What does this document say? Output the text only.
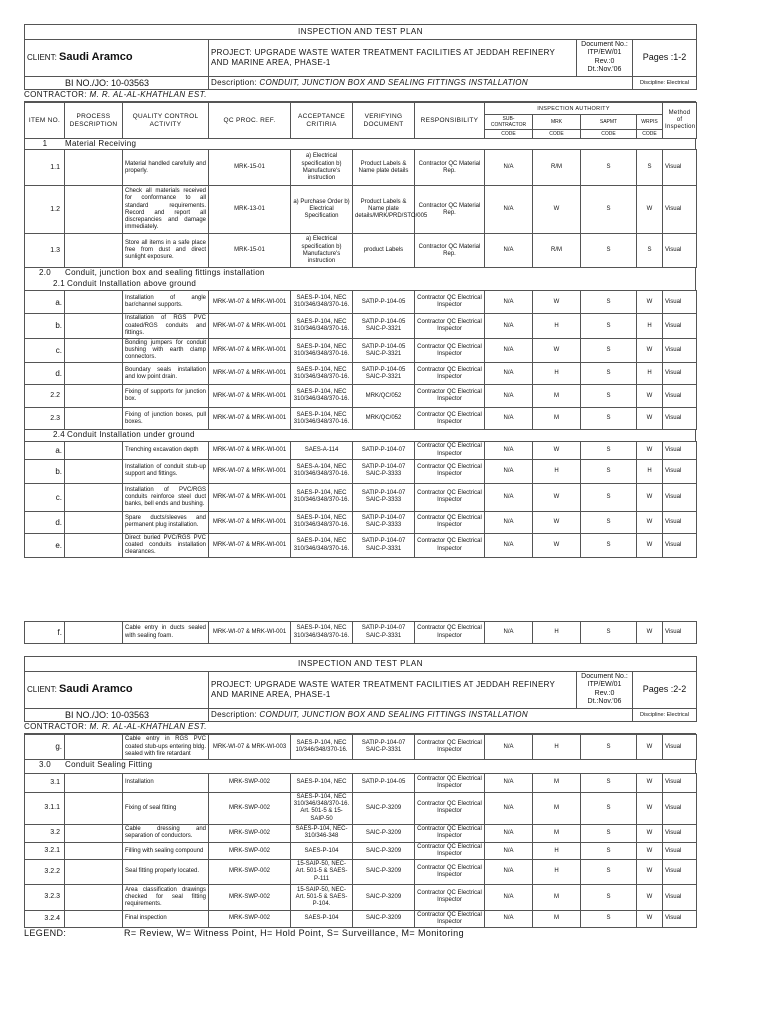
INSPECTION AND TEST PLAN			
CLIENT: Saudi Aramco	PROJECT: UPGRADE WASTE WATER TREATMENT FACILITIES AT JEDDAH REFINERY AND MARINE AREA, PHASE-1	Document No.:
ITP/EW/01 Rev.:0
Dt.:Nov.'06	Pages :1-2
BI NO./JO: 10-03563	Description: CONDUIT, JUNCTION BOX AND SEALING FITTINGS INSTALLATION		Discipline: Electrical
CONTRACTOR: M. R. AL-AL-KHATHLAN EST.
ITEM NO.	PROCESS DESCRIPTION	QUALITY CONTROL ACTIVITY	QC PROC. REF.	ACCEPTANCE CRITIRIA	VERIFYING DOCUMENT	RESPONSIBILITY	INSPECTION AUTHORITY				Method of Inspection
							SUB-CONTRACTOR	MRK	SAPMT	WRPIS	
							CODE	CODE	CODE	CODE	
1 Material Receiving
1.1		Material handled carefully and properly.	MRK-15-01	a) Electrical specification b) Manufacture's instruction	Product Labels & Name plate details	Contractor QC Material Rep.	N/A	R/M	S	S	Visual
1.2		Check all materials received for conformance to all standard requirements. Record and report all discrepancies and damage immediately.	MRK-13-01	a) Purchase Order b) Electrical Specification	Product Labels & Name plate details/MRK/PRD/STO/005	Contractor QC Material Rep.	N/A	W	S	W	Visual
1.3		Store all items in a safe place free from dust and direct sunlight exposure.	MRK-15-01	a) Electrical specification b) Manufacture's instruction	product Labels	Contractor QC Material Rep.	N/A	R/M	S	S	Visual
2.0 Conduit, junction box and sealing fittings installation
2.1 Conduit Installation above ground
a.		Installation of angle bar/channel supports.	MRK-WI-07 & MRK-WI-001	SAES-P-104, NEC 310/346/348/370-16.	SATIP-P-104-05	Contractor QC Electrical Inspector	N/A	W	S	W	Visual
b.		Installation of RGS PVC coated/RGS conduits and fittings.	MRK-WI-07 & MRK-WI-001	SAES-P-104, NEC 310/346/348/370-16.	SATIP-P-104-05 SAIC-P-3321	Contractor QC Electrical Inspector	N/A	H	S	H	Visual
c.		Bonding jumpers for conduit bushing with earth clamp connectors.	MRK-WI-07 & MRK-WI-001	SAES-P-104, NEC 310/346/348/370-16.	SATIP-P-104-05 SAIC-P-3321	Contractor QC Electrical Inspector	N/A	W	S	W	Visual
d.		Boundary seals installation and low point drain.	MRK-WI-07 & MRK-WI-001	SAES-P-104, NEC 310/346/348/370-16.	SATIP-P-104-05 SAIC-P-3321	Contractor QC Electrical Inspector	N/A	H	S	H	Visual
2.2		Fixing of supports for junction box.	MRK-WI-07 & MRK-WI-001	SAES-P-104, NEC 310/346/348/370-16.	MRK/QC/052	Contractor QC Electrical Inspector	N/A	M	S	W	Visual
2.3		Fixing of junction boxes, pull boxes.	MRK-WI-07 & MRK-WI-001	SAES-P-104, NEC 310/346/348/370-16.	MRK/QC/052	Contractor QC Electrical Inspector	N/A	M	S	W	Visual
2.4 Conduit Installation under ground
a.		Trenching excavation depth	MRK-WI-07 & MRK-WI-001	SAES-A-114	SATIP-P-104-07	Contractor QC Electrical Inspector	N/A	W	S	W	Visual
b.		Installation of conduit stub-up support and fittings.	MRK-WI-07 & MRK-WI-001	SAES-A-104, NEC 310/346/348/370-16.	SATIP-P-104-07 SAIC-P-3333	Contractor QC Electrical Inspector	N/A	H	S	H	Visual
c.		Installation of PVC/RGS conduits reinforce steel duct banks, bell ends and bushing.	MRK-WI-07 & MRK-WI-001	SAES-P-104, NEC 310/346/348/370-16.	SATIP-P-104-07 SAIC-P-3333	Contractor QC Electrical Inspector	N/A	W	S	W	Visual
d.		Spare ducts/sleeves and permanent plug installation.	MRK-WI-07 & MRK-WI-001	SAES-P-104, NEC 310/346/348/370-16.	SATIP-P-104-07 SAIC-P-3333	Contractor QC Electrical Inspector	N/A	W	S	W	Visual
e.		Direct buried PVC/RGS PVC coated conduits installation clearances.	MRK-WI-07 & MRK-WI-001	SAES-P-104, NEC 310/346/348/370-16.	SATIP-P-104-07 SAIC-P-3331	Contractor QC Electrical Inspector	N/A	W	S	W	Visual
f.		Cable entry in ducts sealed with sealing foam.	MRK-WI-07 & MRK-WI-001	SAES-P-104, NEC 310/346/348/370-16.	SATIP-P-104-07 SAIC-P-3331	Contractor QC Electrical Inspector	N/A	H	S	W	Visual
INSPECTION AND TEST PLAN			
CLIENT: Saudi Aramco	PROJECT: UPGRADE WASTE WATER TREATMENT FACILITIES AT JEDDAH REFINERY AND MARINE AREA, PHASE-1	Document No.:
ITP/EW/01 Rev.:0
Dt.:Nov.'06	Pages :2-2
BI NO./JO: 10-03563	Description: CONDUIT, JUNCTION BOX AND SEALING FITTINGS INSTALLATION		Discipline: Electrical
CONTRACTOR: M. R. AL-AL-KHATHLAN EST.
g.		Cable entry in RGS PVC coated stub-ups entering bldg. sealed with fire retardant	MRK-WI-07 & MRK-WI-003	SAES-P-104, NEC 10/346/348/370-16.	SATIP-P-104-07 SAIC-P-3331	Contractor QC Electrical Inspector	N/A	H	S	W	Visual
3.0 Conduit Sealing Fitting
3.1		Installation	MRK-SWP-002	SAES-P-104, NEC	SATIP-P-104-05	Contractor QC Electrical Inspector	N/A	M	S	W	Visual
3.1.1		Fixing of seal fitting	MRK-SWP-002	SAES-P-104, NEC 310/346/348/370-16. Art. 501-5 & 15-SAIP-50	SAIC-P-3209	Contractor QC Electrical Inspector	N/A	M	S	W	Visual
3.2		Cable dressing and separation of conductors.	MRK-SWP-002	SAES-P-104, NEC-310/346-348	SAIC-P-3209	Contractor QC Electrical Inspector	N/A	M	S	W	Visual
3.2.1		Filling with sealing compound	MRK-SWP-002	SAES-P-104	SAIC-P-3209	Contractor QC Electrical Inspector	N/A	H	S	W	Visual
3.2.2		Seal fitting properly located.	MRK-SWP-002	15-SAIP-50, NEC- Art. 501-5 & SAES-P-111	SAIC-P-3209	Contractor QC Electrical Inspector	N/A	H	S	W	Visual
3.2.3		Area classification drawings checked for seal fitting requirements.	MRK-SWP-002	15-SAIP-50, NEC- Art. 501-5 & SAES-P-104.	SAIC-P-3209	Contractor QC Electrical Inspector	N/A	M	S	W	Visual
3.2.4		Final inspection	MRK-SWP-002	SAES-P-104	SAIC-P-3209	Contractor QC Electrical Inspector	N/A	M	S	W	Visual
LEGEND:	R= Review, W= Witness Point, H= Hold Point, S= Surveillance, M= Monitoring
